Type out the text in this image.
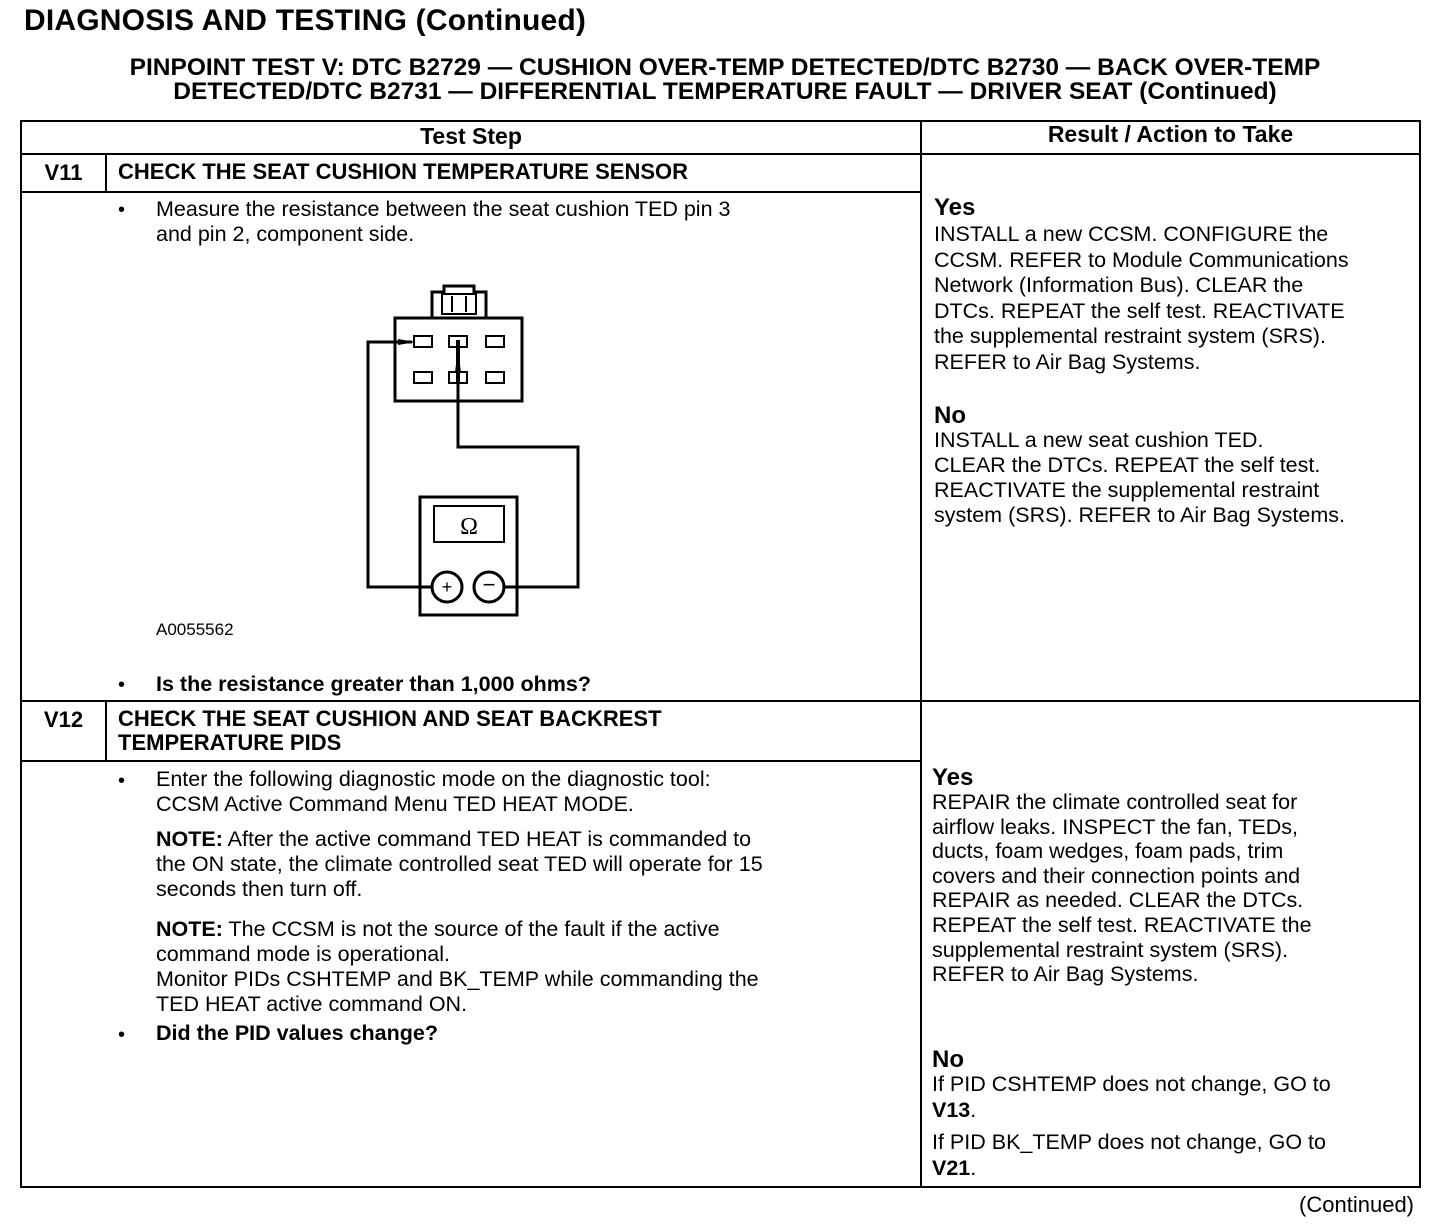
DIAGNOSIS AND TESTING (Continued)
PINPOINT TEST V: DTC B2729 — CUSHION OVER-TEMP DETECTED/DTC B2730 — BACK OVER-TEMP
DETECTED/DTC B2731 — DIFFERENTIAL TEMPERATURE FAULT — DRIVER SEAT (Continued)
Test Step	Result / Action to Take
V11	CHECK THE SEAT CUSHION TEMPERATURE SENSOR
• Measure the resistance between the seat cushion TED pin 3
and pin 2, component side.
+ −
Ω
A0055562
• Is the resistance greater than 1,000 ohms?
Yes
INSTALL a new CCSM. CONFIGURE the
CCSM. REFER to Module Communications
Network (Information Bus). CLEAR the
DTCs. REPEAT the self test. REACTIVATE
the supplemental restraint system (SRS).
REFER to Air Bag Systems.
No
INSTALL a new seat cushion TED.
CLEAR the DTCs. REPEAT the self test.
REACTIVATE the supplemental restraint
system (SRS). REFER to Air Bag Systems.
V12	CHECK THE SEAT CUSHION AND SEAT BACKREST
TEMPERATURE PIDS
• Enter the following diagnostic mode on the diagnostic tool:
CCSM Active Command Menu TED HEAT MODE.
NOTE: After the active command TED HEAT is commanded to
the ON state, the climate controlled seat TED will operate for 15
seconds then turn off.
NOTE: The CCSM is not the source of the fault if the active
command mode is operational.
Monitor PIDs CSHTEMP and BK_TEMP while commanding the
TED HEAT active command ON.
• Did the PID values change?
Yes
REPAIR the climate controlled seat for
airflow leaks. INSPECT the fan, TEDs,
ducts, foam wedges, foam pads, trim
covers and their connection points and
REPAIR as needed. CLEAR the DTCs.
REPEAT the self test. REACTIVATE the
supplemental restraint system (SRS).
REFER to Air Bag Systems.
No
If PID CSHTEMP does not change, GO to
V13.
If PID BK_TEMP does not change, GO to
V21.
(Continued)
